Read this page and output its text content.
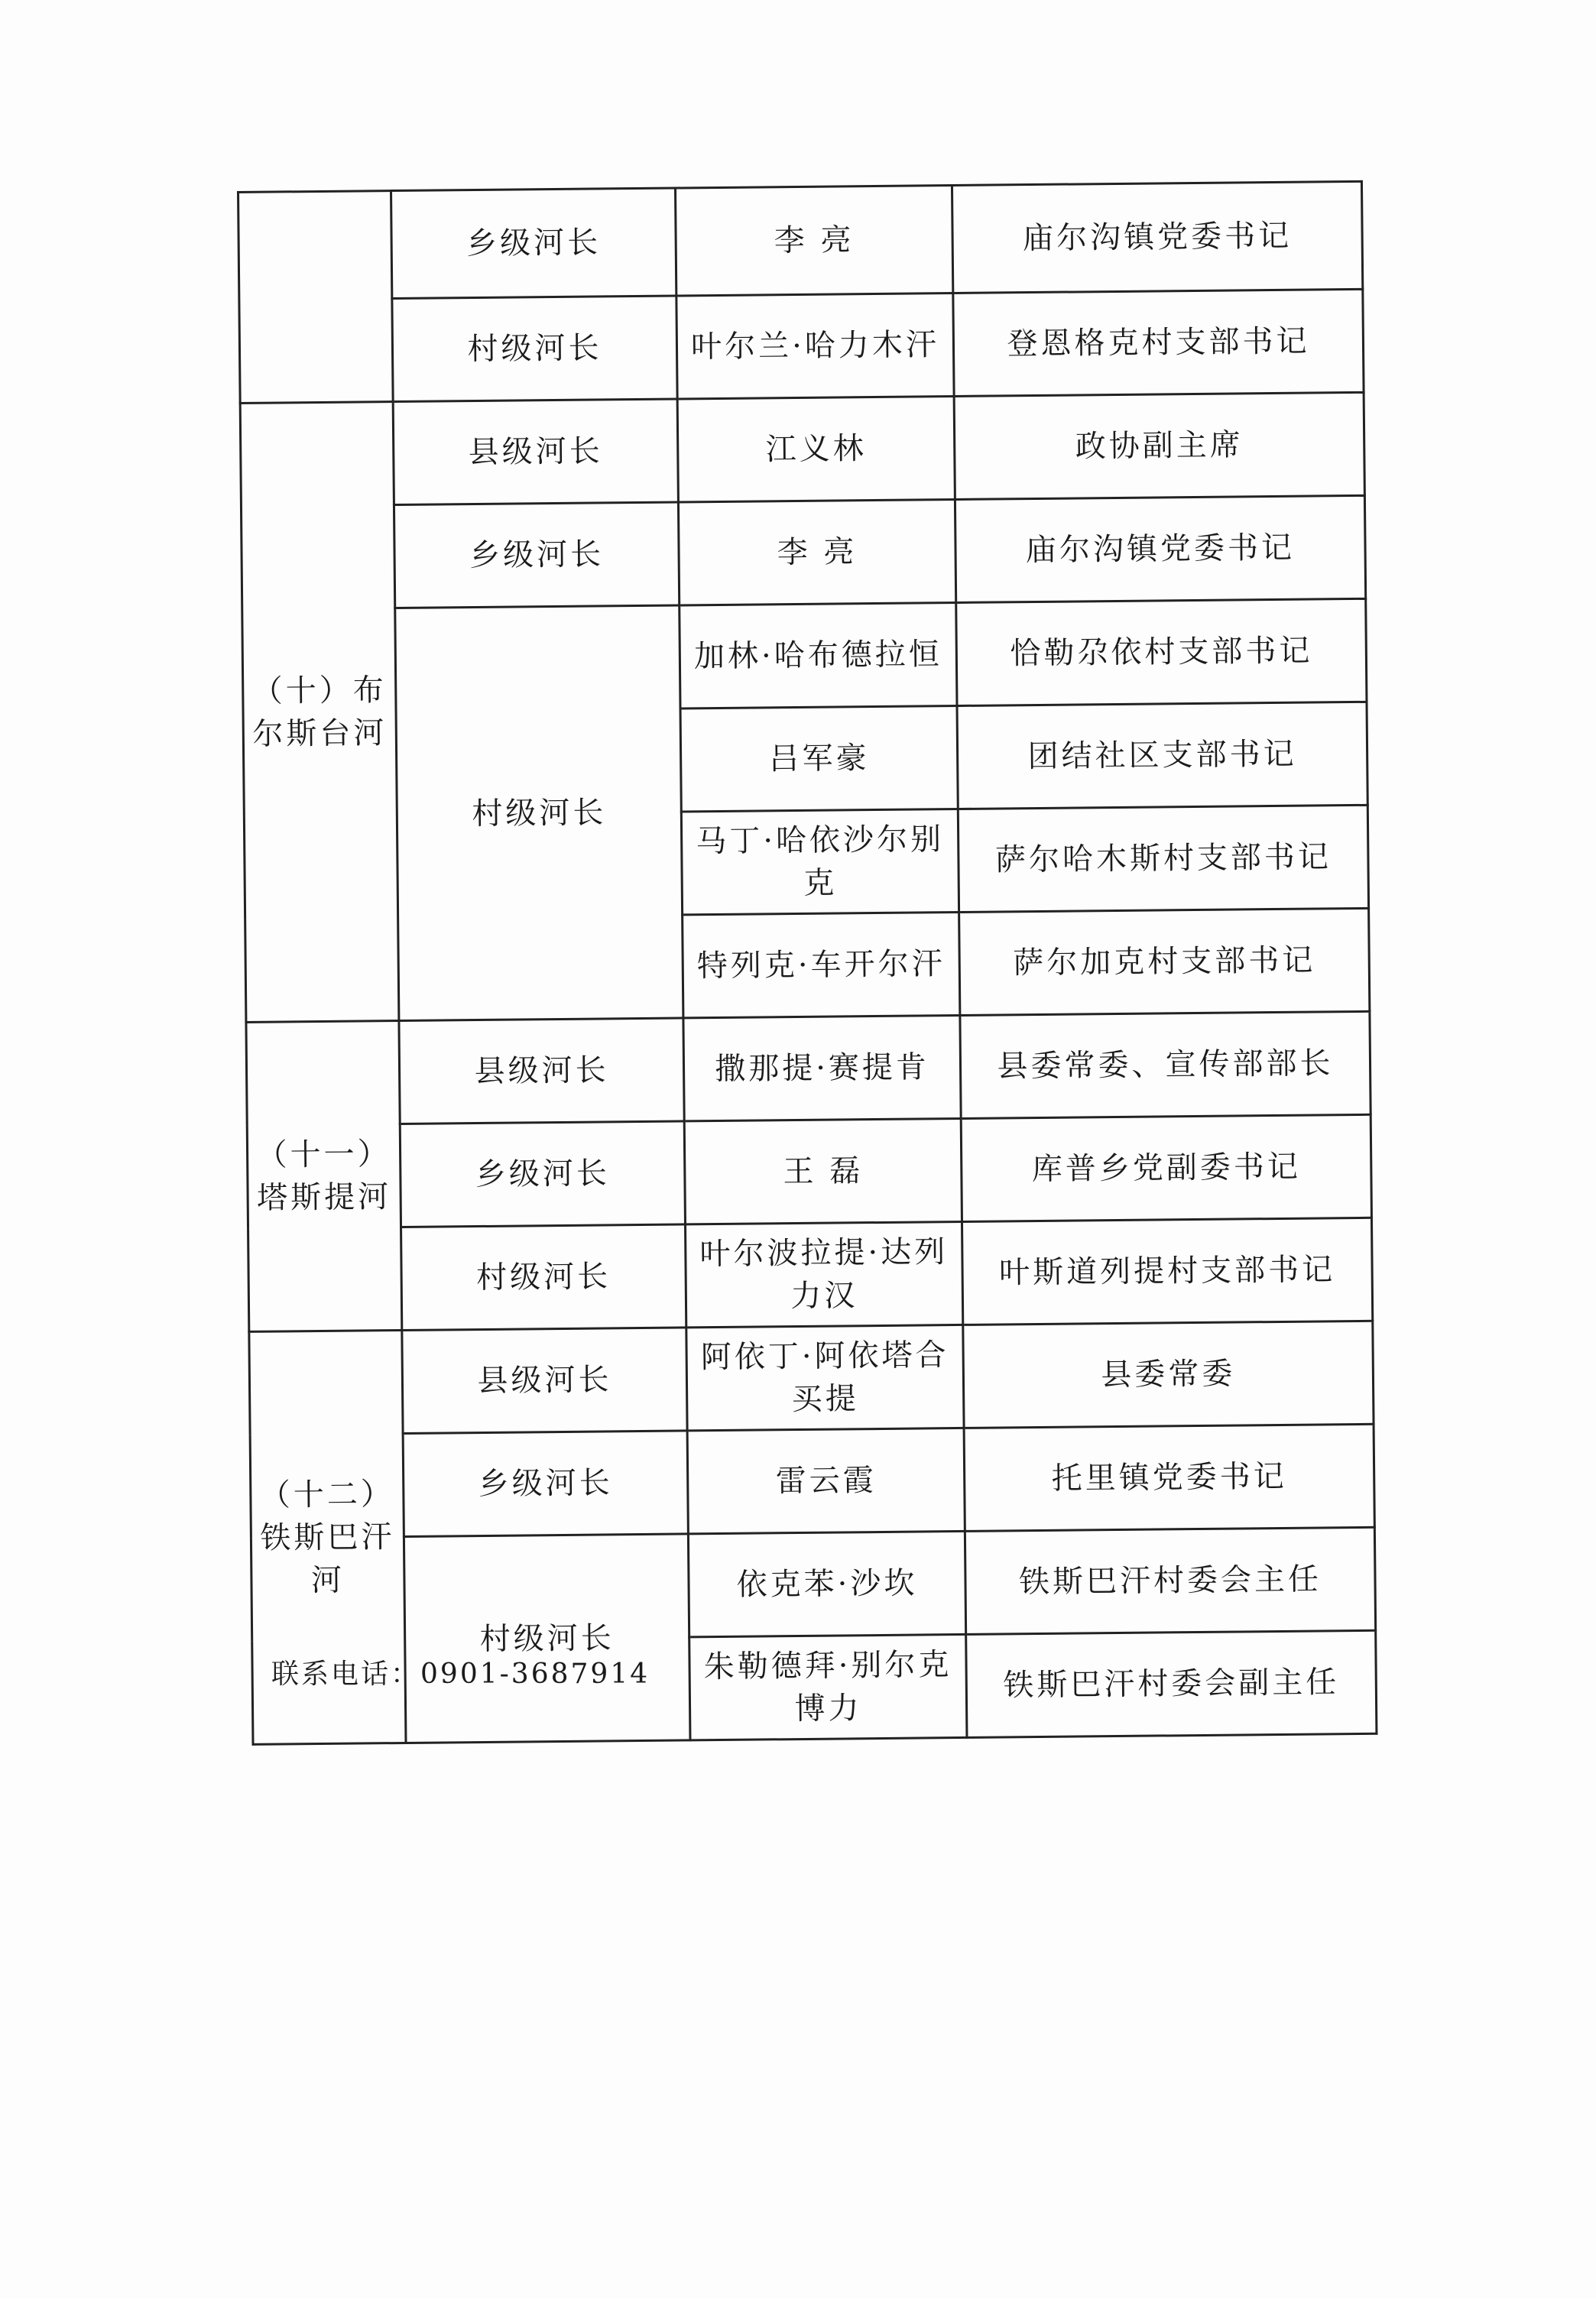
	乡级河长	李 亮	庙尔沟镇党委书记
	村级河长	叶尔兰·哈力木汗	登恩格克村支部书记
（十）布尔斯台河	县级河长	江义林	政协副主席
	乡级河长	李 亮	庙尔沟镇党委书记
	村级河长	加林·哈布德拉恒	恰勒尕依村支部书记
		吕军豪	团结社区支部书记
		马丁·哈依沙尔别克	萨尔哈木斯村支部书记
		特列克·车开尔汗	萨尔加克村支部书记
（十一）塔斯提河	县级河长	撒那提·赛提肯	县委常委、宣传部部长
	乡级河长	王 磊	库普乡党副委书记
	村级河长	叶尔波拉提·达列力汉	叶斯道列提村支部书记
（十二）铁斯巴汗河	县级河长	阿依丁·阿依塔合买提	县委常委
	乡级河长	雷云霞	托里镇党委书记
	村级河长	依克苯·沙坎	铁斯巴汗村委会主任
		朱勒德拜·别尔克博力	铁斯巴汗村委会副主任
联系电话：0901-3687914
